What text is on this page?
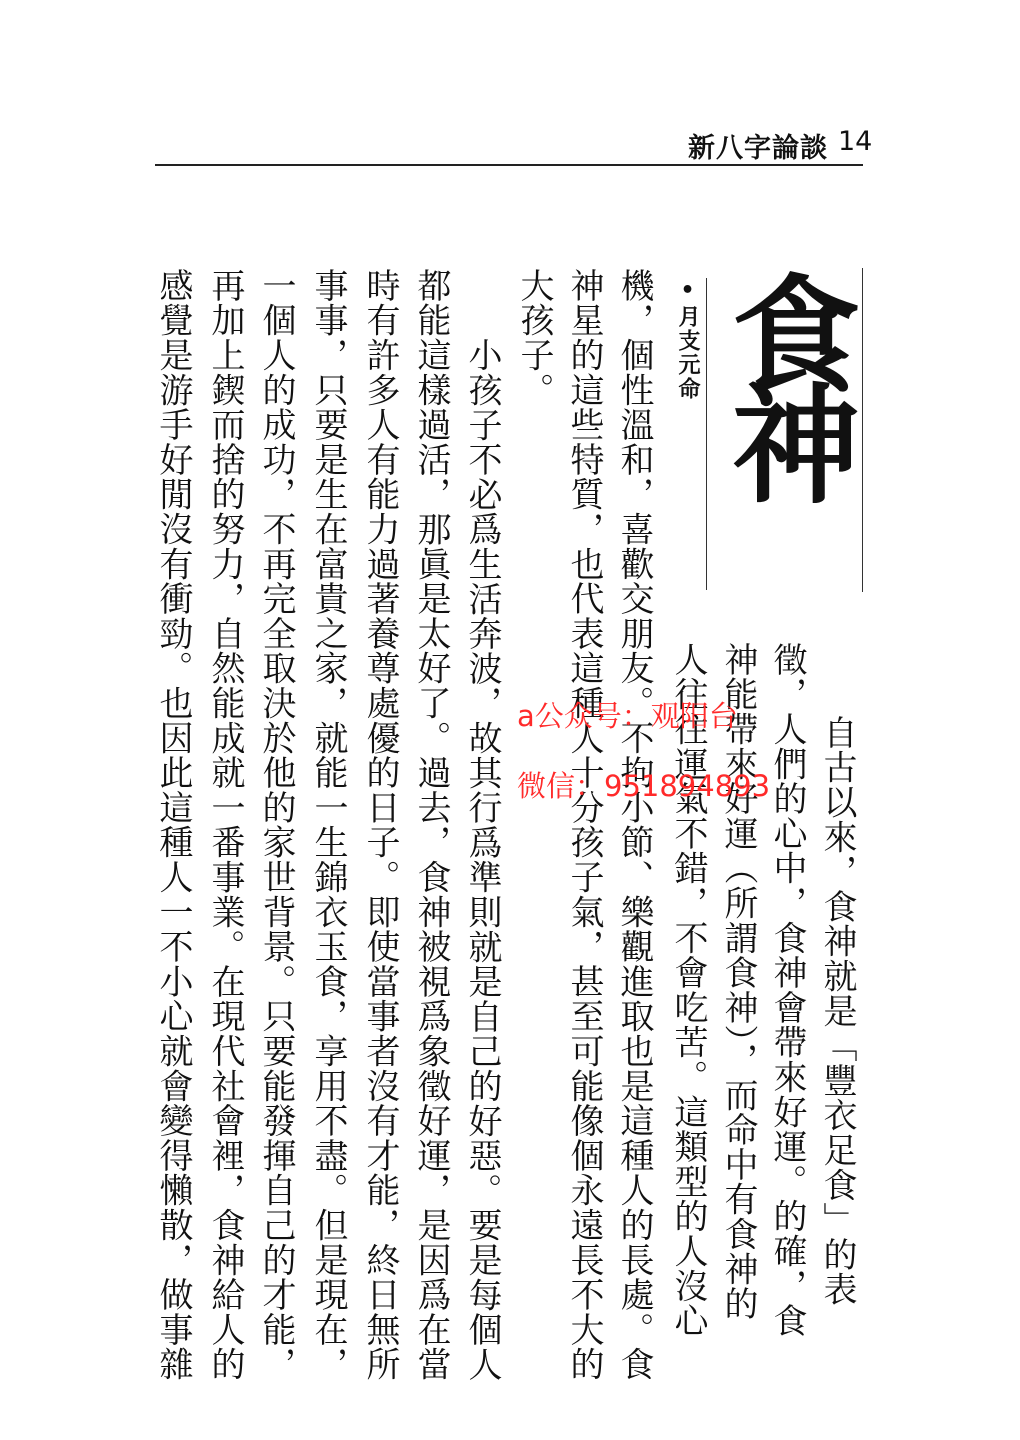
新八字論談 14

食神

•月支元命

自古以來，食神就是「豐衣足食」的表

徵，人們的心中，食神會帶來好運。的確，食

神能帶來好運（所謂食神），而命中有食神的

人往往運氣不錯，不會吃苦。這類型的人沒心

機，個性溫和，喜歡交朋友。不拘小節、樂觀進取也是這種人的長處。食

神星的這些特質，也代表這種人十分孩子氣，甚至可能像個永遠長不大的

大孩子。

　小孩子不必爲生活奔波，故其行爲準則就是自己的好惡。要是每個人

都能這樣過活，那眞是太好了。過去，食神被視爲象徵好運，是因爲在當

時有許多人有能力過著養尊處優的日子。即使當事者沒有才能，終日無所

事事，只要是生在富貴之家，就能一生錦衣玉食，享用不盡。但是現在，

一個人的成功，不再完全取決於他的家世背景。只要能發揮自己的才能，

再加上鍥而捨的努力，自然能成就一番事業。在現代社會裡，食神給人的

感覺是游手好閒沒有衝勁。也因此這種人一不小心就會變得懶散，做事雜	a公众号：观阳台
微信：951894893
